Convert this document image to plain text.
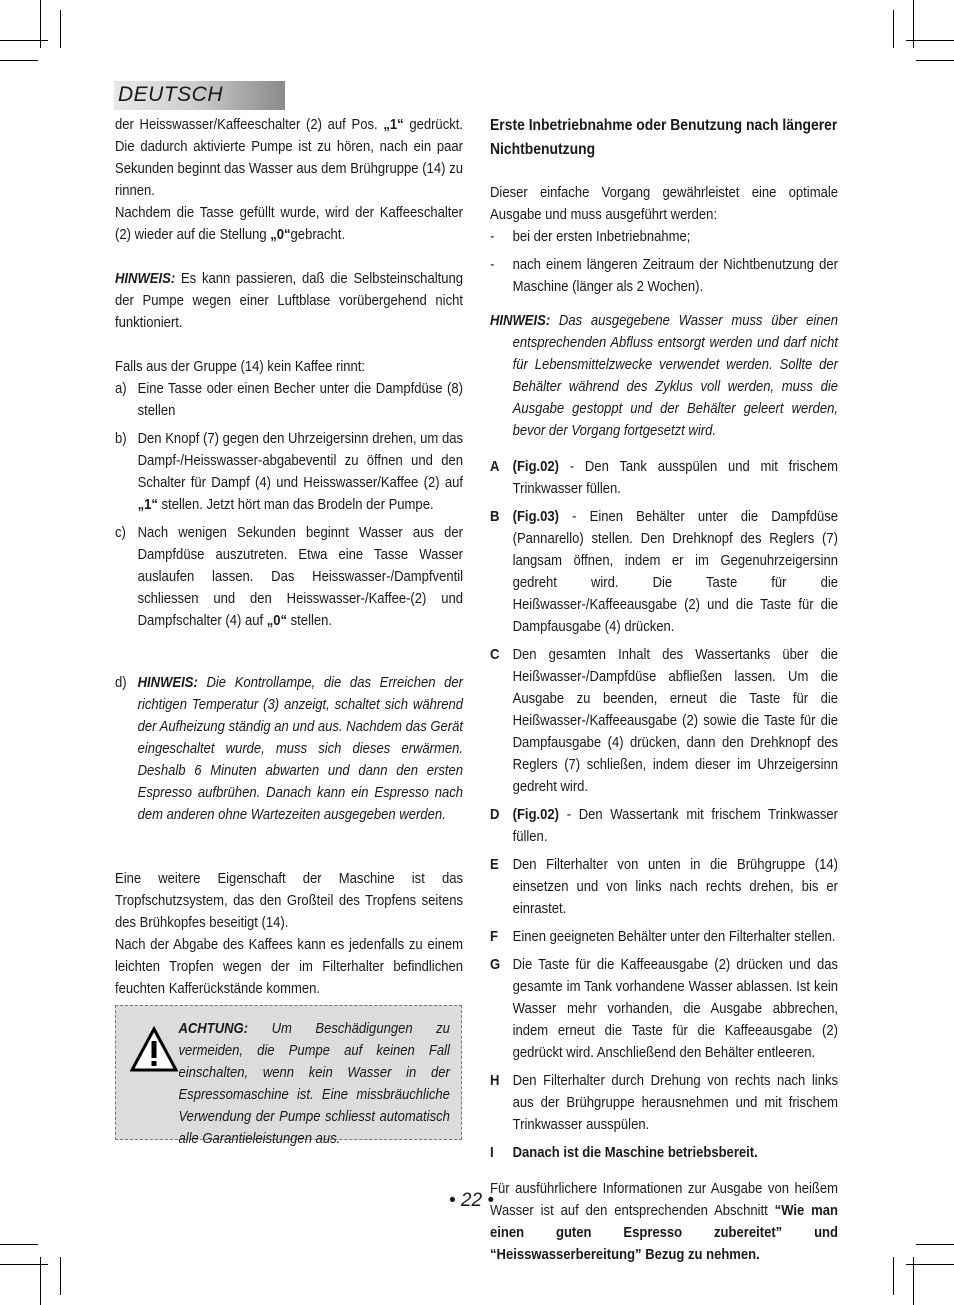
DEUTSCH

der Heisswasser/Kaffeeschalter (2) auf Pos. „1“ gedrückt. Die dadurch aktivierte Pumpe ist zu hören, nach ein paar Sekunden beginnt das Wasser aus dem Brühgruppe (14) zu rinnen.

Nachdem die Tasse gefüllt wurde, wird der Kaffeeschalter (2) wieder auf die Stellung „0“gebracht.

HINWEIS: Es kann passieren, daß die Selbsteinschaltung der Pumpe wegen einer Luftblase vorübergehend nicht funktioniert.

Falls aus der Gruppe (14) kein Kaffee rinnt:

a) Eine Tasse oder einen Becher unter die Dampfdüse (8) stellen
b) Den Knopf (7) gegen den Uhrzeigersinn drehen, um das Dampf-/Heisswasser-abgabeventil zu öffnen und den Schalter für Dampf (4) und Heisswasser/Kaffee (2) auf „1“ stellen. Jetzt hört man das Brodeln der Pumpe.
c) Nach wenigen Sekunden beginnt Wasser aus der Dampfdüse auszutreten. Etwa eine Tasse Wasser auslaufen lassen. Das Heisswasser-/Dampfventil schliessen und den Heisswasser-/Kaffee-(2) und Dampfschalter (4) auf „0“ stellen.
d) HINWEIS: Die Kontrollampe, die das Erreichen der richtigen Temperatur (3) anzeigt, schaltet sich während der Aufheizung ständig an und aus. Nachdem das Gerät eingeschaltet wurde, muss sich dieses erwärmen. Deshalb 6 Minuten abwarten und dann den ersten Espresso aufbrühen. Danach kann ein Espresso nach dem anderen ohne Wartezeiten ausgegeben werden.

Eine weitere Eigenschaft der Maschine ist das Tropfschutzsystem, das den Großteil des Tropfens seitens des Brühkopfes beseitigt (14).

Nach der Abgabe des Kaffees kann es jedenfalls zu einem leichten Tropfen wegen der im Filterhalter befindlichen feuchten Kafferückstände kommen.

ACHTUNG: Um Beschädigungen zu vermeiden, die Pumpe auf keinen Fall einschalten, wenn kein Wasser in der Espressomaschine ist. Eine missbräuchliche Verwendung der Pumpe schliesst automatisch alle Garantieleistungen aus.
Erste Inbetriebnahme oder Benutzung nach längerer Nichtbenutzung

Dieser einfache Vorgang gewährleistet eine optimale Ausgabe und muss ausgeführt werden:

-	bei der ersten Inbetriebnahme;
-	nach einem längeren Zeitraum der Nichtbenutzung der Maschine (länger als 2 Wochen).

HINWEIS: Das ausgegebene Wasser muss über einen entsprechenden Abfluss entsorgt werden und darf nicht für Lebensmittelzwecke verwendet werden. Sollte der Behälter während des Zyklus voll werden, muss die Ausgabe gestoppt und der Behälter geleert werden, bevor der Vorgang fortgesetzt wird.

A (Fig.02) - Den Tank ausspülen und mit frischem Trinkwasser füllen.
B (Fig.03) - Einen Behälter unter die Dampfdüse (Pannarello) stellen. Den Drehknopf des Reglers (7) langsam öffnen, indem er im Gegenuhrzeigersinn gedreht wird. Die Taste für die Heißwasser-/Kaffeeausgabe (2) und die Taste für die Dampfausgabe (4) drücken.
C Den gesamten Inhalt des Wassertanks über die Heißwasser-/Dampfdüse abfließen lassen. Um die Ausgabe zu beenden, erneut die Taste für die Heißwasser-/Kaffeeausgabe (2) sowie die Taste für die Dampfausgabe (4) drücken, dann den Drehknopf des Reglers (7) schließen, indem dieser im Uhrzeigersinn gedreht wird.
D (Fig.02) - Den Wassertank mit frischem Trinkwasser füllen.
E Den Filterhalter von unten in die Brühgruppe (14) einsetzen und von links nach rechts drehen, bis er einrastet.
F Einen geeigneten Behälter unter den Filterhalter stellen.
G Die Taste für die Kaffeeausgabe (2) drücken und das gesamte im Tank vorhandene Wasser ablassen. Ist kein Wasser mehr vorhanden, die Ausgabe abbrechen, indem erneut die Taste für die Kaffeeausgabe (2) gedrückt wird. Anschließend den Behälter entleeren.
H Den Filterhalter durch Drehung von rechts nach links aus der Brühgruppe herausnehmen und mit frischem Trinkwasser ausspülen.
I	Danach ist die Maschine betriebsbereit.

Für ausführlichere Informationen zur Ausgabe von heißem Wasser ist auf den entsprechenden Abschnitt “Wie man einen guten Espresso zubereitet” und “Heisswasserbereitung” Bezug zu nehmen.

• 22 •
